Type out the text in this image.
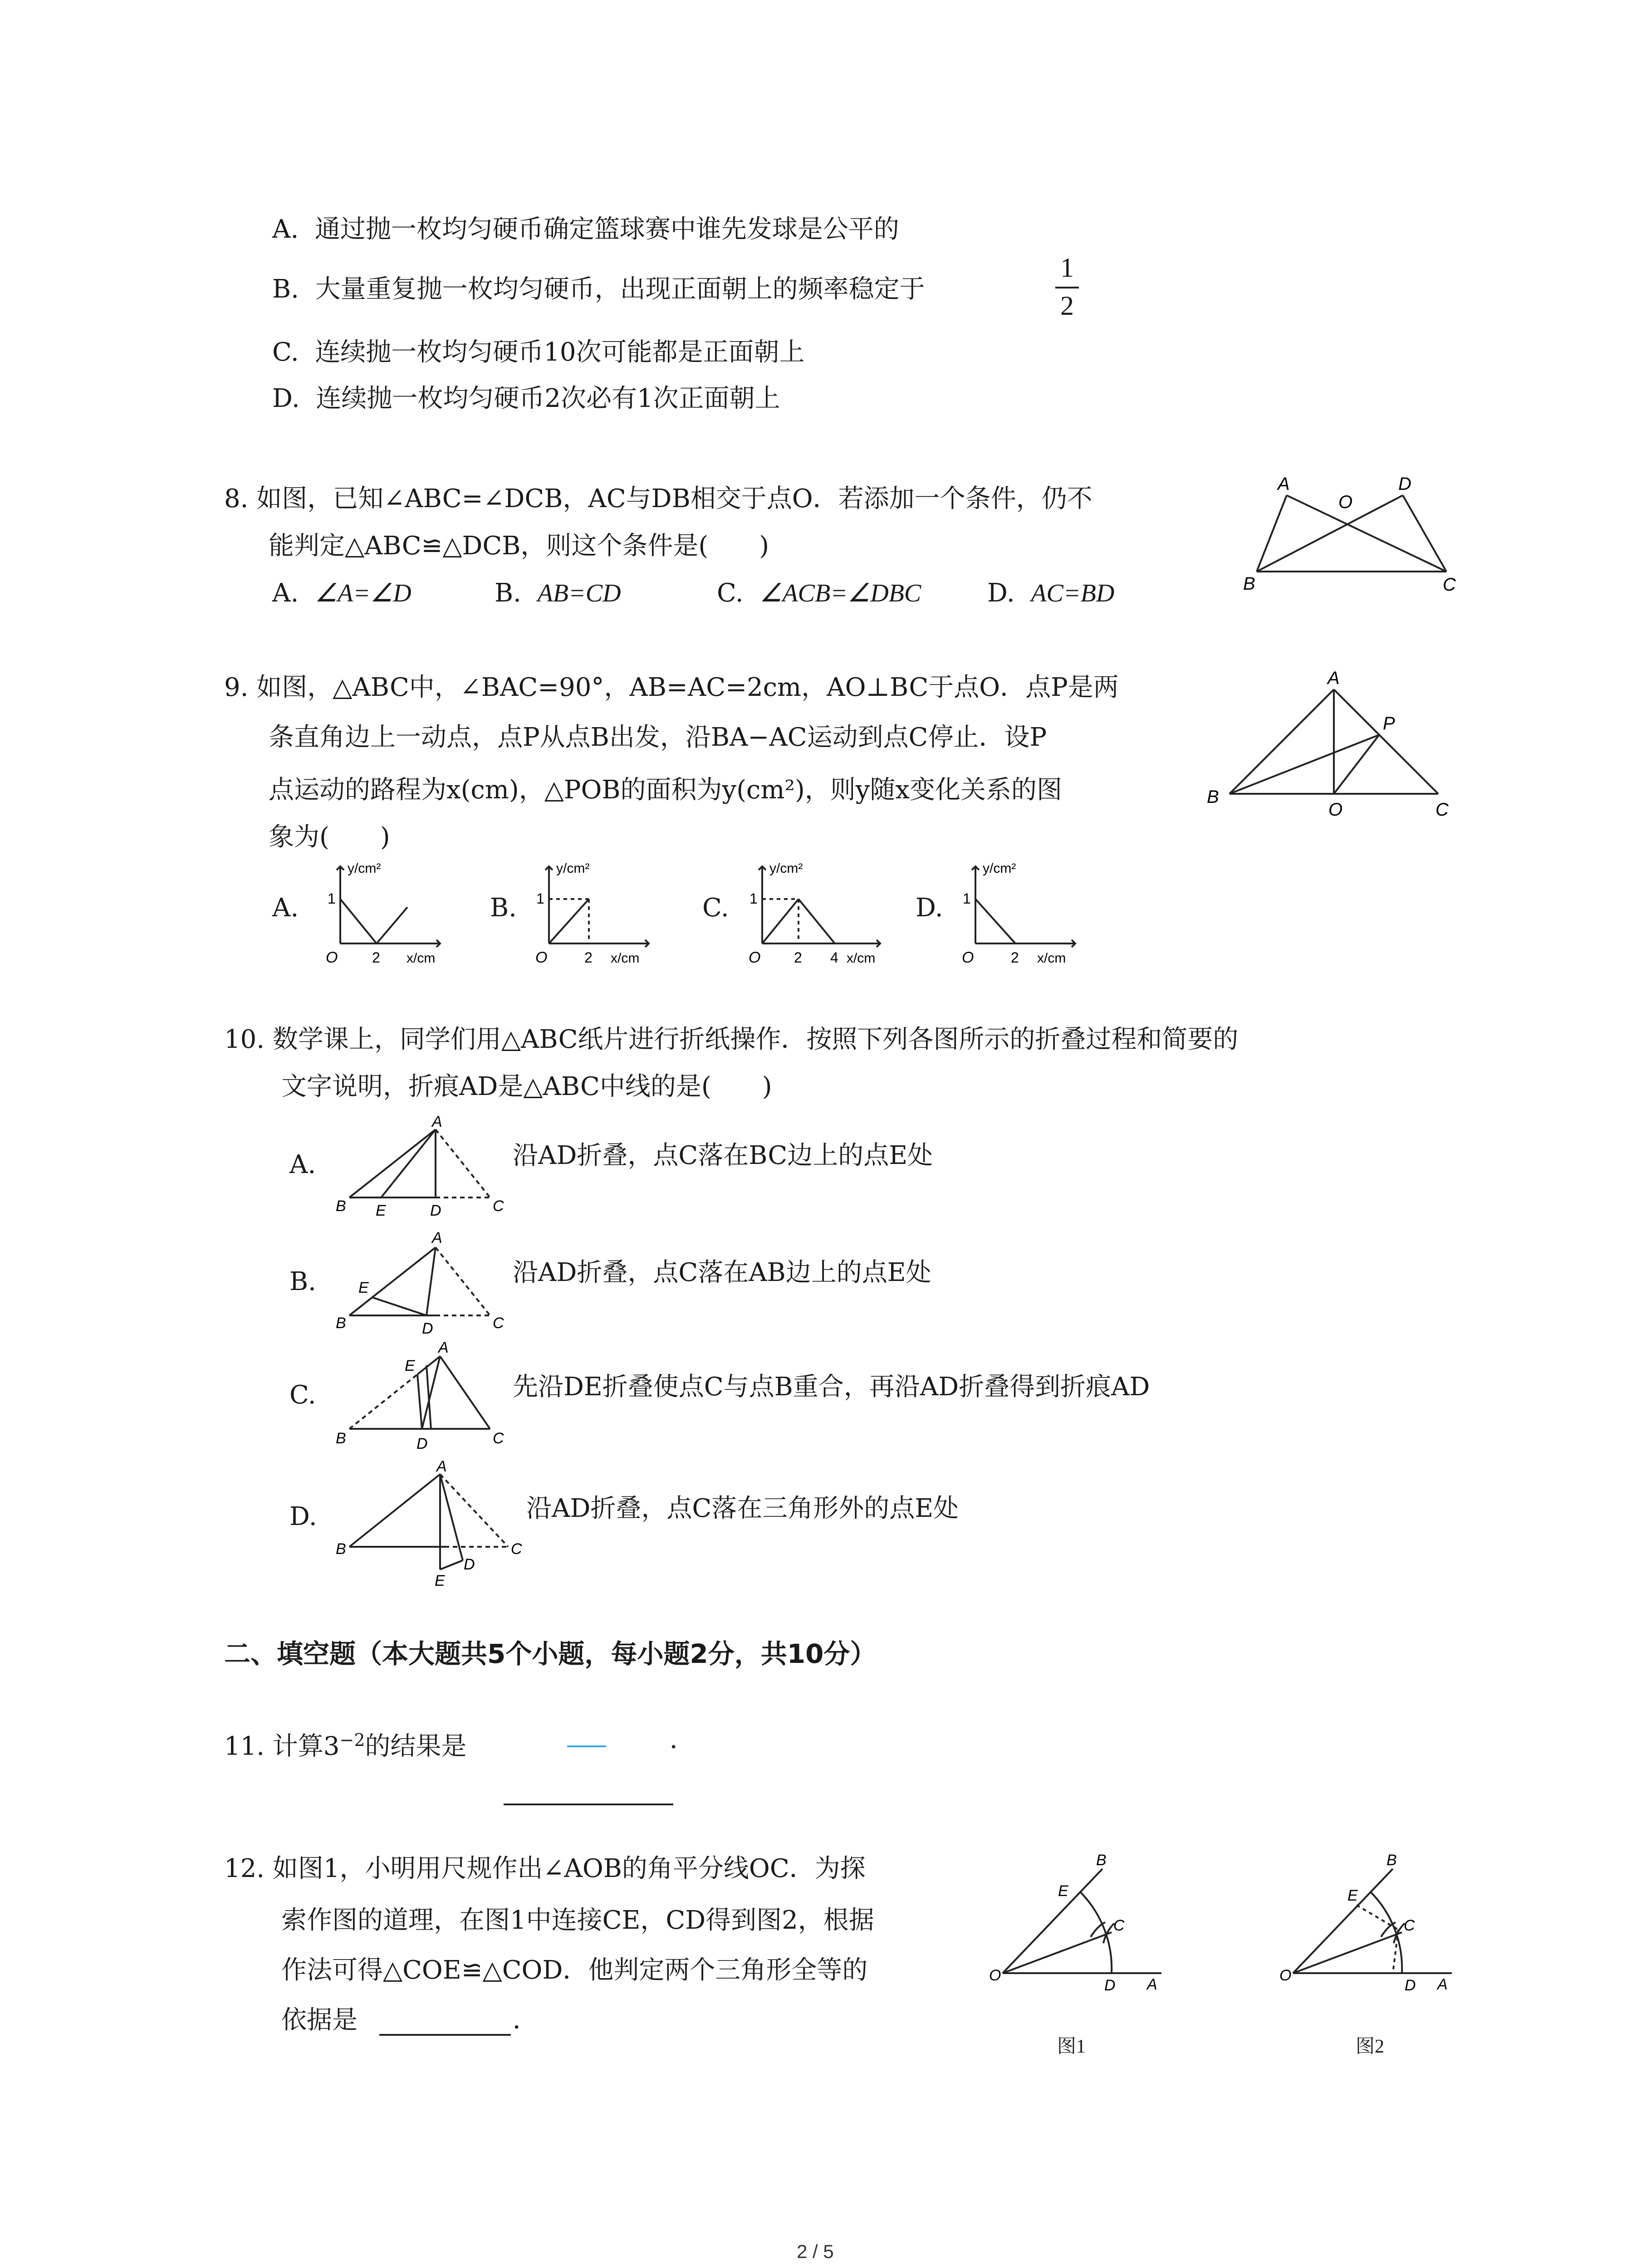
A. 通过抛一枚均匀硬币确定篮球赛中谁先发球是公平的
B. 大量重复抛一枚均匀硬币，出现正面朝上的频率稳定于
1
2
C. 连续抛一枚均匀硬币10次可能都是正面朝上
D. 连续抛一枚均匀硬币2次必有1次正面朝上
8. 如图，已知∠ABC=∠DCB，AC与DB相交于点O．若添加一个条件，仍不
能判定△ABC≌△DCB，则这个条件是(　　)
A. ∠A=∠D	B. AB=CD	C. ∠ACB=∠DBC	D. AC=BD
A	D
O
B	C
9. 如图，△ABC中，∠BAC=90°，AB=AC=2cm，AO⊥BC于点O．点P是两
条直角边上一动点，点P从点B出发，沿BA−AC运动到点C停止．设P
点运动的路程为x(cm)，△POB的面积为y(cm²)，则y随x变化关系的图
象为(　　)
A
P
B
O	C
A.
y/cm²
1
O 2 x/cm
B.
y/cm²
1
O	2 x/cm
C.
y/cm²
1
O 2 4 x/cm
D.
y/cm²
1
O	2 x/cm
10. 数学课上，同学们用△ABC纸片进行折纸操作．按照下列各图所示的折叠过程和简要的
文字说明，折痕AD是△ABC中线的是(　　)
A.
A
B E	D	C
沿AD折叠，点C落在BC边上的点E处
B.
A
E
B	D	C
沿AD折叠，点C落在AB边上的点E处
C.
A
E
B	D	C
先沿DE折叠使点C与点B重合，再沿AD折叠得到折痕AD
D.
A
B
E
D
C
沿AD折叠，点C落在三角形外的点E处
二、填空题（本大题共5个小题，每小题2分，共10分）
11. 计算$3^{-2}$的结果是	．
12. 如图1，小明用尺规作出∠AOB的角平分线OC．为探
索作图的道理，在图1中连接CE，CD得到图2，根据
作法可得△COE≌△COD．他判定两个三角形全等的
依据是	．
B
E
C
O
D A
图1
B
E
C
O
D A
图2
2 / 5
